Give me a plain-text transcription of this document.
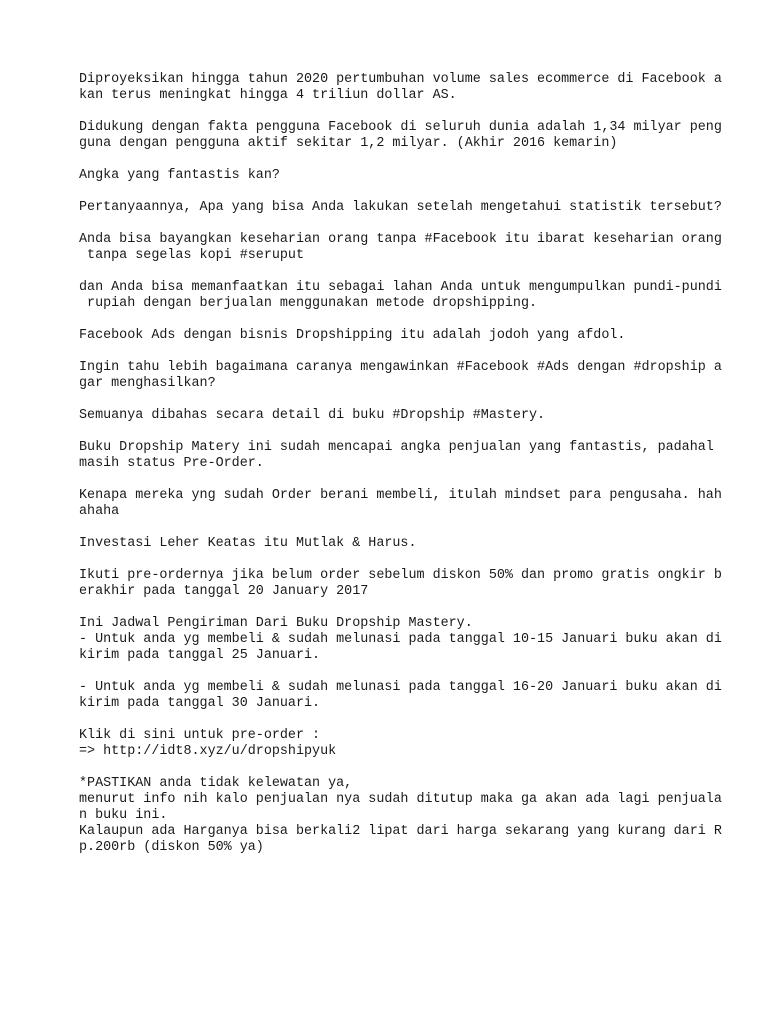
Diproyeksikan hingga tahun 2020 pertumbuhan volume sales ecommerce di Facebook a
kan terus meningkat hingga 4 triliun dollar AS.
Didukung dengan fakta pengguna Facebook di seluruh dunia adalah 1,34 milyar peng
guna dengan pengguna aktif sekitar 1,2 milyar. (Akhir 2016 kemarin)
Angka yang fantastis kan?
Pertanyaannya, Apa yang bisa Anda lakukan setelah mengetahui statistik tersebut?
Anda bisa bayangkan keseharian orang tanpa #Facebook itu ibarat keseharian orang
tanpa segelas kopi #seruput
dan Anda bisa memanfaatkan itu sebagai lahan Anda untuk mengumpulkan pundi-pundi
rupiah dengan berjualan menggunakan metode dropshipping.
Facebook Ads dengan bisnis Dropshipping itu adalah jodoh yang afdol.
Ingin tahu lebih bagaimana caranya mengawinkan #Facebook #Ads dengan #dropship a
gar menghasilkan?
Semuanya dibahas secara detail di buku #Dropship #Mastery.
Buku Dropship Matery ini sudah mencapai angka penjualan yang fantastis, padahal
masih status Pre-Order.
Kenapa mereka yng sudah Order berani membeli, itulah mindset para pengusaha. hah
ahaha
Investasi Leher Keatas itu Mutlak & Harus.
Ikuti pre-ordernya jika belum order sebelum diskon 50% dan promo gratis ongkir b
erakhir pada tanggal 20 January 2017
Ini Jadwal Pengiriman Dari Buku Dropship Mastery.
- Untuk anda yg membeli & sudah melunasi pada tanggal 10-15 Januari buku akan di
kirim pada tanggal 25 Januari.
- Untuk anda yg membeli & sudah melunasi pada tanggal 16-20 Januari buku akan di
kirim pada tanggal 30 Januari.
Klik di sini untuk pre-order :
=> http://idt8.xyz/u/dropshipyuk
*PASTIKAN anda tidak kelewatan ya,
menurut info nih kalo penjualan nya sudah ditutup maka ga akan ada lagi penjuala
n buku ini.
Kalaupun ada Harganya bisa berkali2 lipat dari harga sekarang yang kurang dari R
p.200rb (diskon 50% ya)
